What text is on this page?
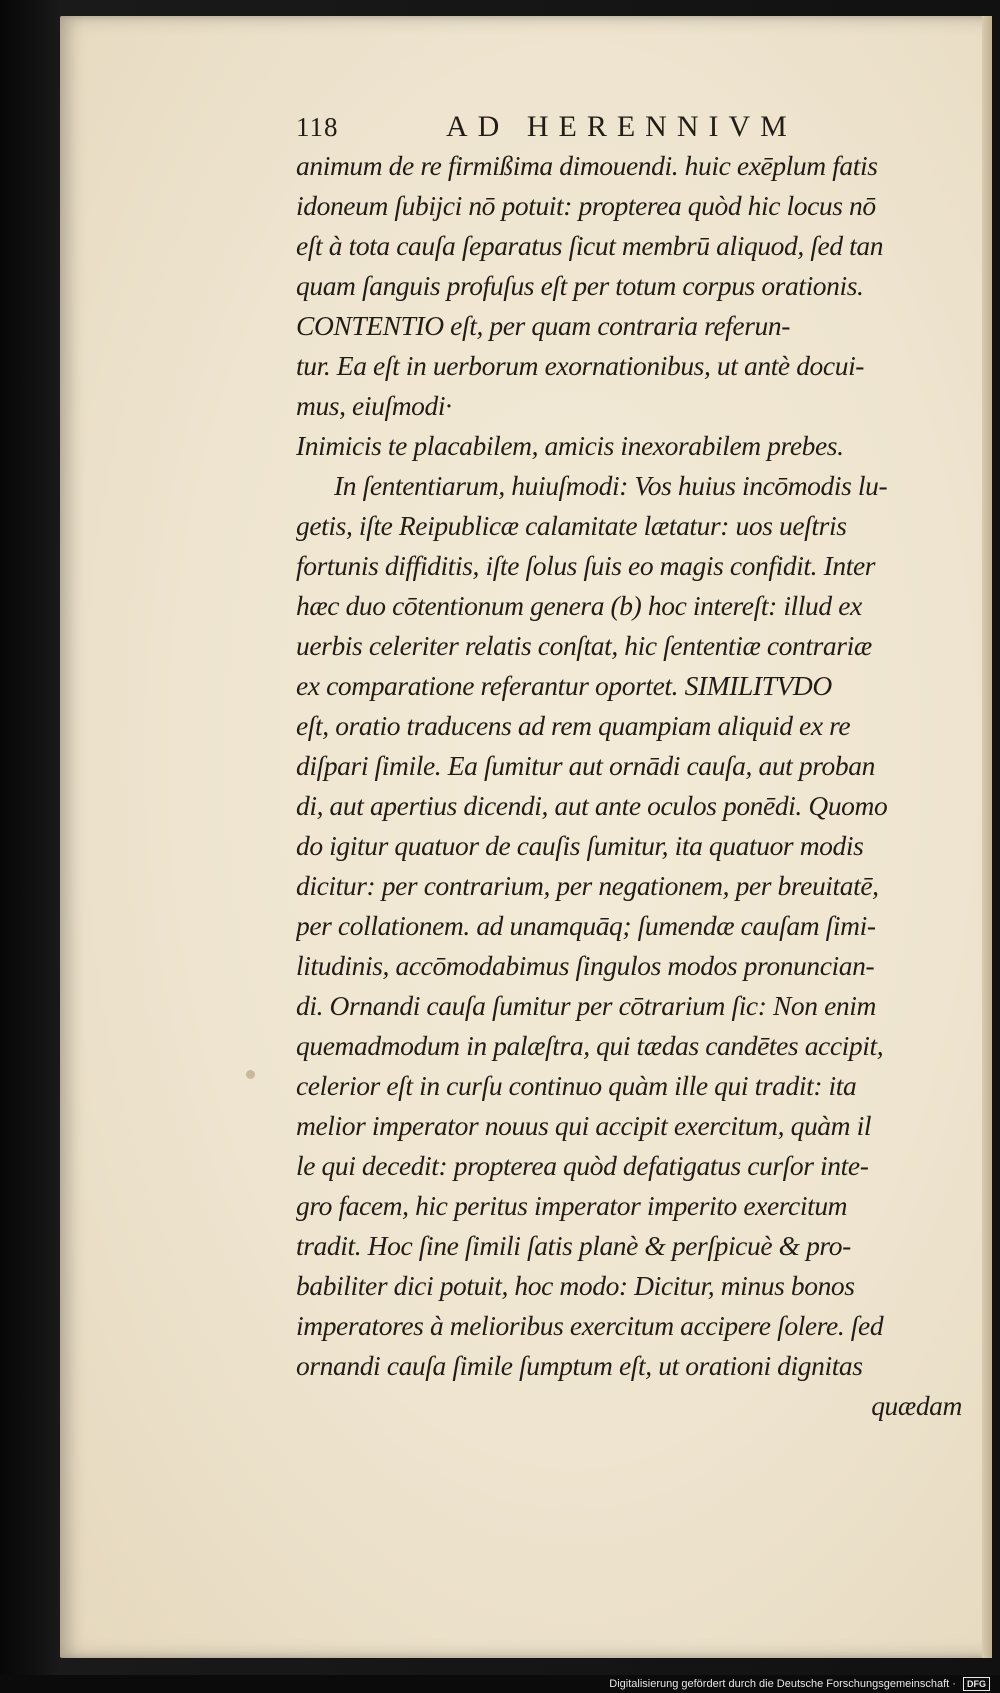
118	AD HERENNIVM
animum de re firmißima dimouendi. huic exēplum fatis
idoneum ſubijci nō potuit: propterea quòd hic locus nō
eſt à tota cauſa ſeparatus ſicut membrū aliquod, ſed tan
quam ſanguis profuſus eſt per totum corpus orationis.
CONTENTIO eſt, per quam contraria referun-
tur. Ea eſt in uerborum exornationibus, ut antè docui-
mus, eiuſmodi·
Inimicis te placabilem, amicis inexorabilem prebes.
In ſententiarum, huiuſmodi: Vos huius incōmodis lu-
getis, iſte Reipublicæ calamitate lætatur: uos ueſtris
fortunis diffiditis, iſte ſolus ſuis eo magis confidit. Inter
hæc duo cōtentionum genera (b) hoc intereſt: illud ex
uerbis celeriter relatis conſtat, hic ſententiæ contrariæ
ex comparatione referantur oportet. SIMILITVDO
eſt, oratio traducens ad rem quampiam aliquid ex re
diſpari ſimile. Ea ſumitur aut ornādi cauſa, aut proban
di, aut apertius dicendi, aut ante oculos ponēdi. Quomo
do igitur quatuor de cauſis ſumitur, ita quatuor modis
dicitur: per contrarium, per negationem, per breuitatē,
per collationem. ad unamquāq; ſumendæ cauſam ſimi-
litudinis, accōmodabimus ſingulos modos pronuncian-
di. Ornandi cauſa ſumitur per cōtrarium ſic: Non enim
quemadmodum in palæſtra, qui tædas candētes accipit,
celerior eſt in curſu continuo quàm ille qui tradit: ita
melior imperator nouus qui accipit exercitum, quàm il
le qui decedit: propterea quòd defatigatus curſor inte-
gro facem, hic peritus imperator imperito exercitum
tradit. Hoc ſine ſimili ſatis planè & perſpicuè & pro-
babiliter dici potuit, hoc modo: Dicitur, minus bonos
imperatores à melioribus exercitum accipere ſolere. ſed
ornandi cauſa ſimile ſumptum eſt, ut orationi dignitas
quædam
Digitalisierung gefördert durch die Deutsche Forschungsgemeinschaft · DFG
